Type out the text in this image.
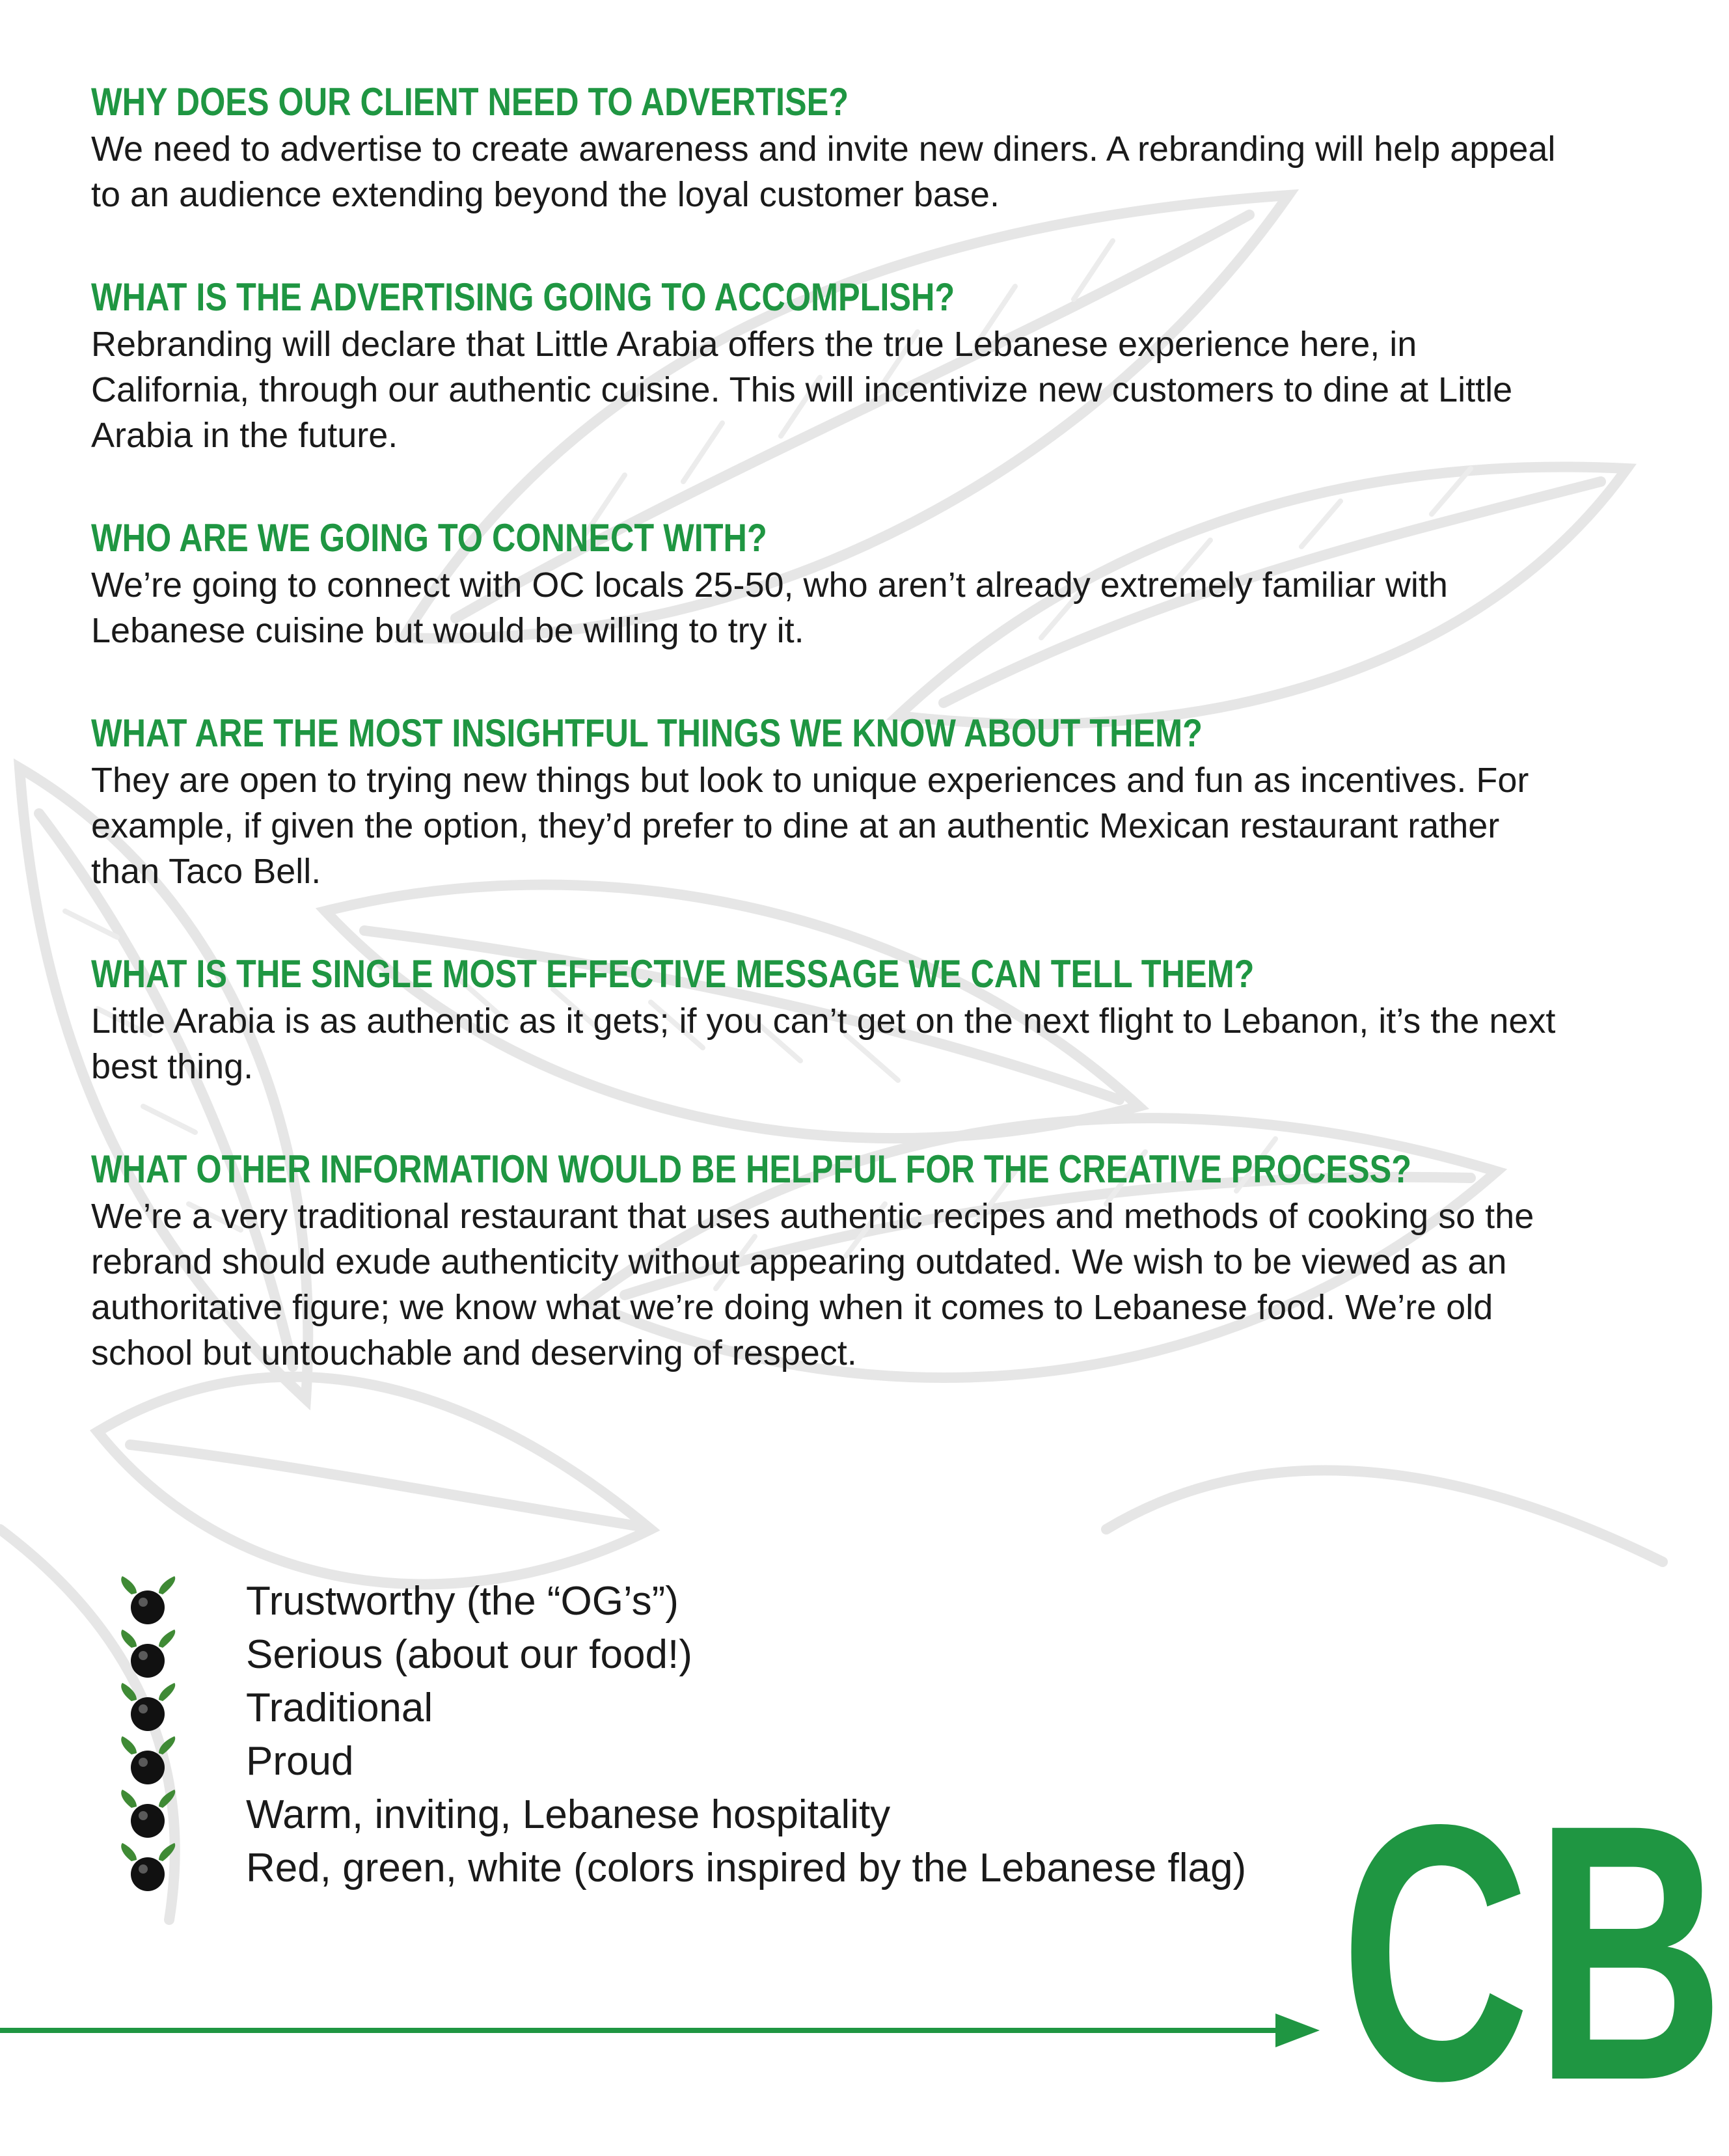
WHY DOES OUR CLIENT NEED TO ADVERTISE?

We need to advertise to create awareness and invite new diners. A rebranding will help appeal to an audience extending beyond the loyal customer base.

WHAT IS THE ADVERTISING GOING TO ACCOMPLISH?

Rebranding will declare that Little Arabia offers the true Lebanese experience here, in California, through our authentic cuisine. This will incentivize new customers to dine at Little Arabia in the future.

WHO ARE WE GOING TO CONNECT WITH?

We’re going to connect with OC locals 25-50, who aren’t already extremely familiar with Lebanese cuisine but would be willing to try it.

WHAT ARE THE MOST INSIGHTFUL THINGS WE KNOW ABOUT THEM?

They are open to trying new things but look to unique experiences and fun as incentives. For example, if given the option, they’d prefer to dine at an authentic Mexican restaurant rather than Taco Bell.

WHAT IS THE SINGLE MOST EFFECTIVE MESSAGE WE CAN TELL THEM?

Little Arabia is as authentic as it gets; if you can’t get on the next flight to Lebanon, it’s the next best thing.

WHAT OTHER INFORMATION WOULD BE HELPFUL FOR THE CREATIVE PROCESS?

We’re a very traditional restaurant that uses authentic recipes and methods of cooking so the rebrand should exude authenticity without appearing outdated. We wish to be viewed as an authoritative figure; we know what we’re doing when it comes to Lebanese food. We’re old school but untouchable and deserving of respect.

Trustworthy (the “OG’s”)
Serious (about our food!)
Traditional
Proud
Warm, inviting, Lebanese hospitality
Red, green, white (colors inspired by the Lebanese flag) CB
